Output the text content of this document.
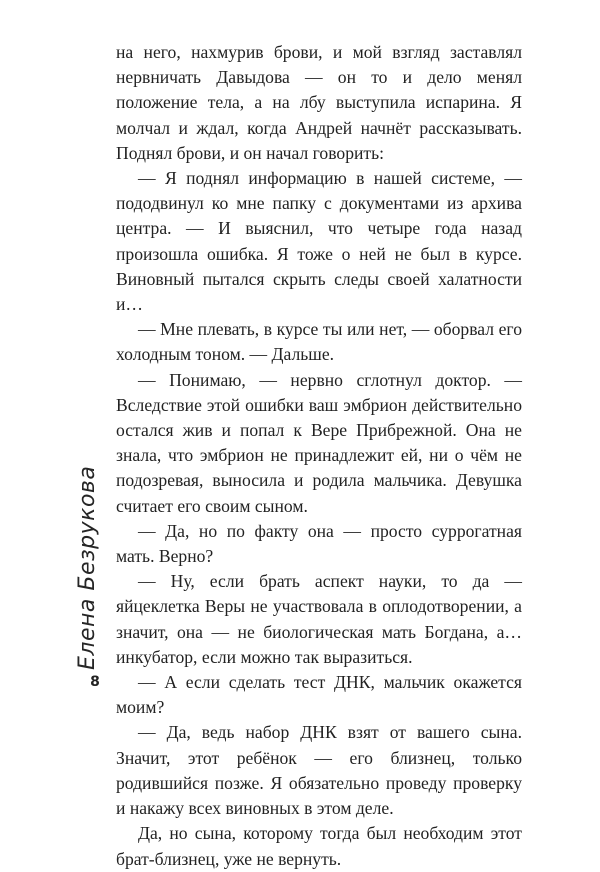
на него, нахмурив брови, и мой взгляд заставлял нервничать Давыдова — он то и дело менял положение тела, а на лбу выступила испарина. Я молчал и ждал, когда Андрей начнёт рассказывать. Поднял брови, и он начал говорить:

— Я поднял информацию в нашей системе, — пододвинул ко мне папку с документами из архива центра. — И выяснил, что четыре года назад произошла ошибка. Я тоже о ней не был в курсе. Виновный пытался скрыть следы своей халатности и…

— Мне плевать, в курсе ты или нет, — оборвал его холодным тоном. — Дальше.

— Понимаю, — нервно сглотнул доктор. — Вследствие этой ошибки ваш эмбрион действительно остался жив и попал к Вере Прибрежной. Она не знала, что эмбрион не принадлежит ей, ни о чём не подозревая, выносила и родила мальчика. Девушка считает его своим сыном.

— Да, но по факту она — просто суррогатная мать. Верно?

— Ну, если брать аспект науки, то да — яйцеклетка Веры не участвовала в оплодотворении, а значит, она — не биологическая мать Богдана, а… инкубатор, если можно так выразиться.

— А если сделать тест ДНК, мальчик окажется моим?

— Да, ведь набор ДНК взят от вашего сына. Значит, этот ребёнок — его близнец, только родившийся позже. Я обязательно проведу проверку и накажу всех виновных в этом деле.

Да, но сына, которому тогда был необходим этот брат-близнец, уже не вернуть.

Елена Безрукова
8
